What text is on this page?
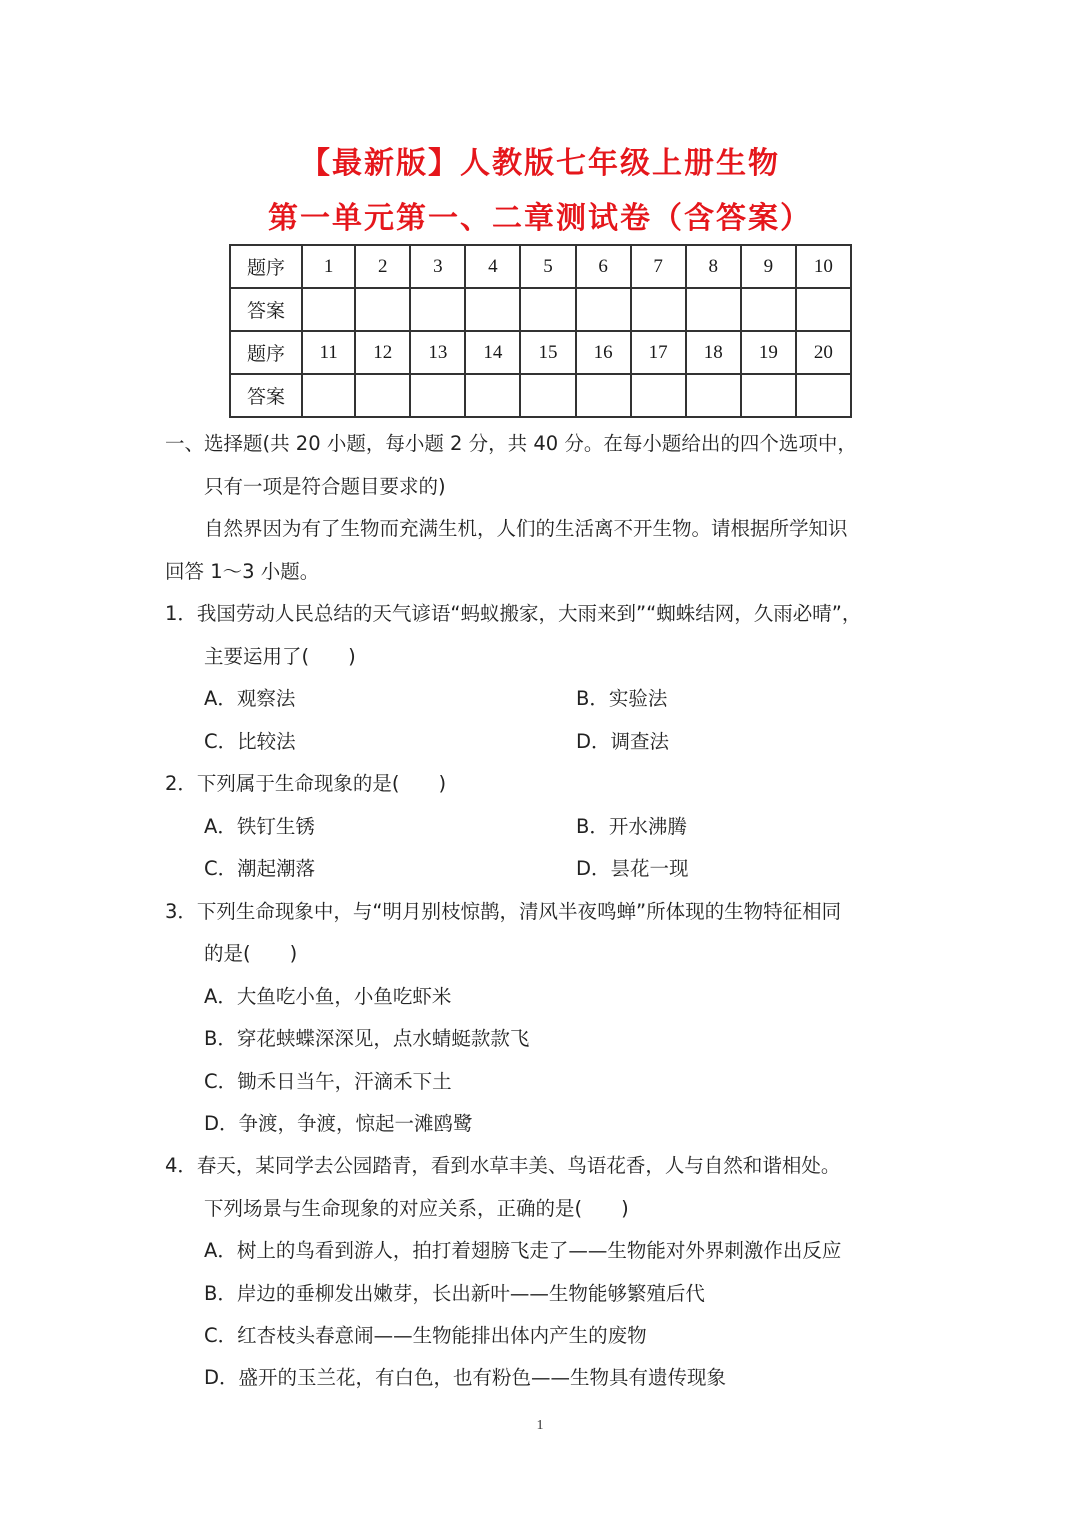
【最新版】人教版七年级上册生物
第一单元第一、二章测试卷（含答案）
题序	1	2	3	4	5	6	7	8	9	10
答案										
题序	11	12	13	14	15	16	17	18	19	20
答案										
一、选择题(共 20 小题，每小题 2 分，共 40 分。在每小题给出的四个选项中，
只有一项是符合题目要求的)
自然界因为有了生物而充满生机，人们的生活离不开生物。请根据所学知识
回答 1～3 小题。
1．我国劳动人民总结的天气谚语“蚂蚁搬家，大雨来到”“蜘蛛结网，久雨必晴”，
主要运用了(　　)
A．观察法	B．实验法
C．比较法	D．调查法
2．下列属于生命现象的是(　　)
A．铁钉生锈	B．开水沸腾
C．潮起潮落	D．昙花一现
3．下列生命现象中，与“明月别枝惊鹊，清风半夜鸣蝉”所体现的生物特征相同
的是(　　)
A．大鱼吃小鱼，小鱼吃虾米
B．穿花蛱蝶深深见，点水蜻蜓款款飞
C．锄禾日当午，汗滴禾下土
D．争渡，争渡，惊起一滩鸥鹭
4．春天，某同学去公园踏青，看到水草丰美、鸟语花香，人与自然和谐相处。
下列场景与生命现象的对应关系，正确的是(　　)
A．树上的鸟看到游人，拍打着翅膀飞走了——生物能对外界刺激作出反应
B．岸边的垂柳发出嫩芽，长出新叶——生物能够繁殖后代
C．红杏枝头春意闹——生物能排出体内产生的废物
D．盛开的玉兰花，有白色，也有粉色——生物具有遗传现象
1
